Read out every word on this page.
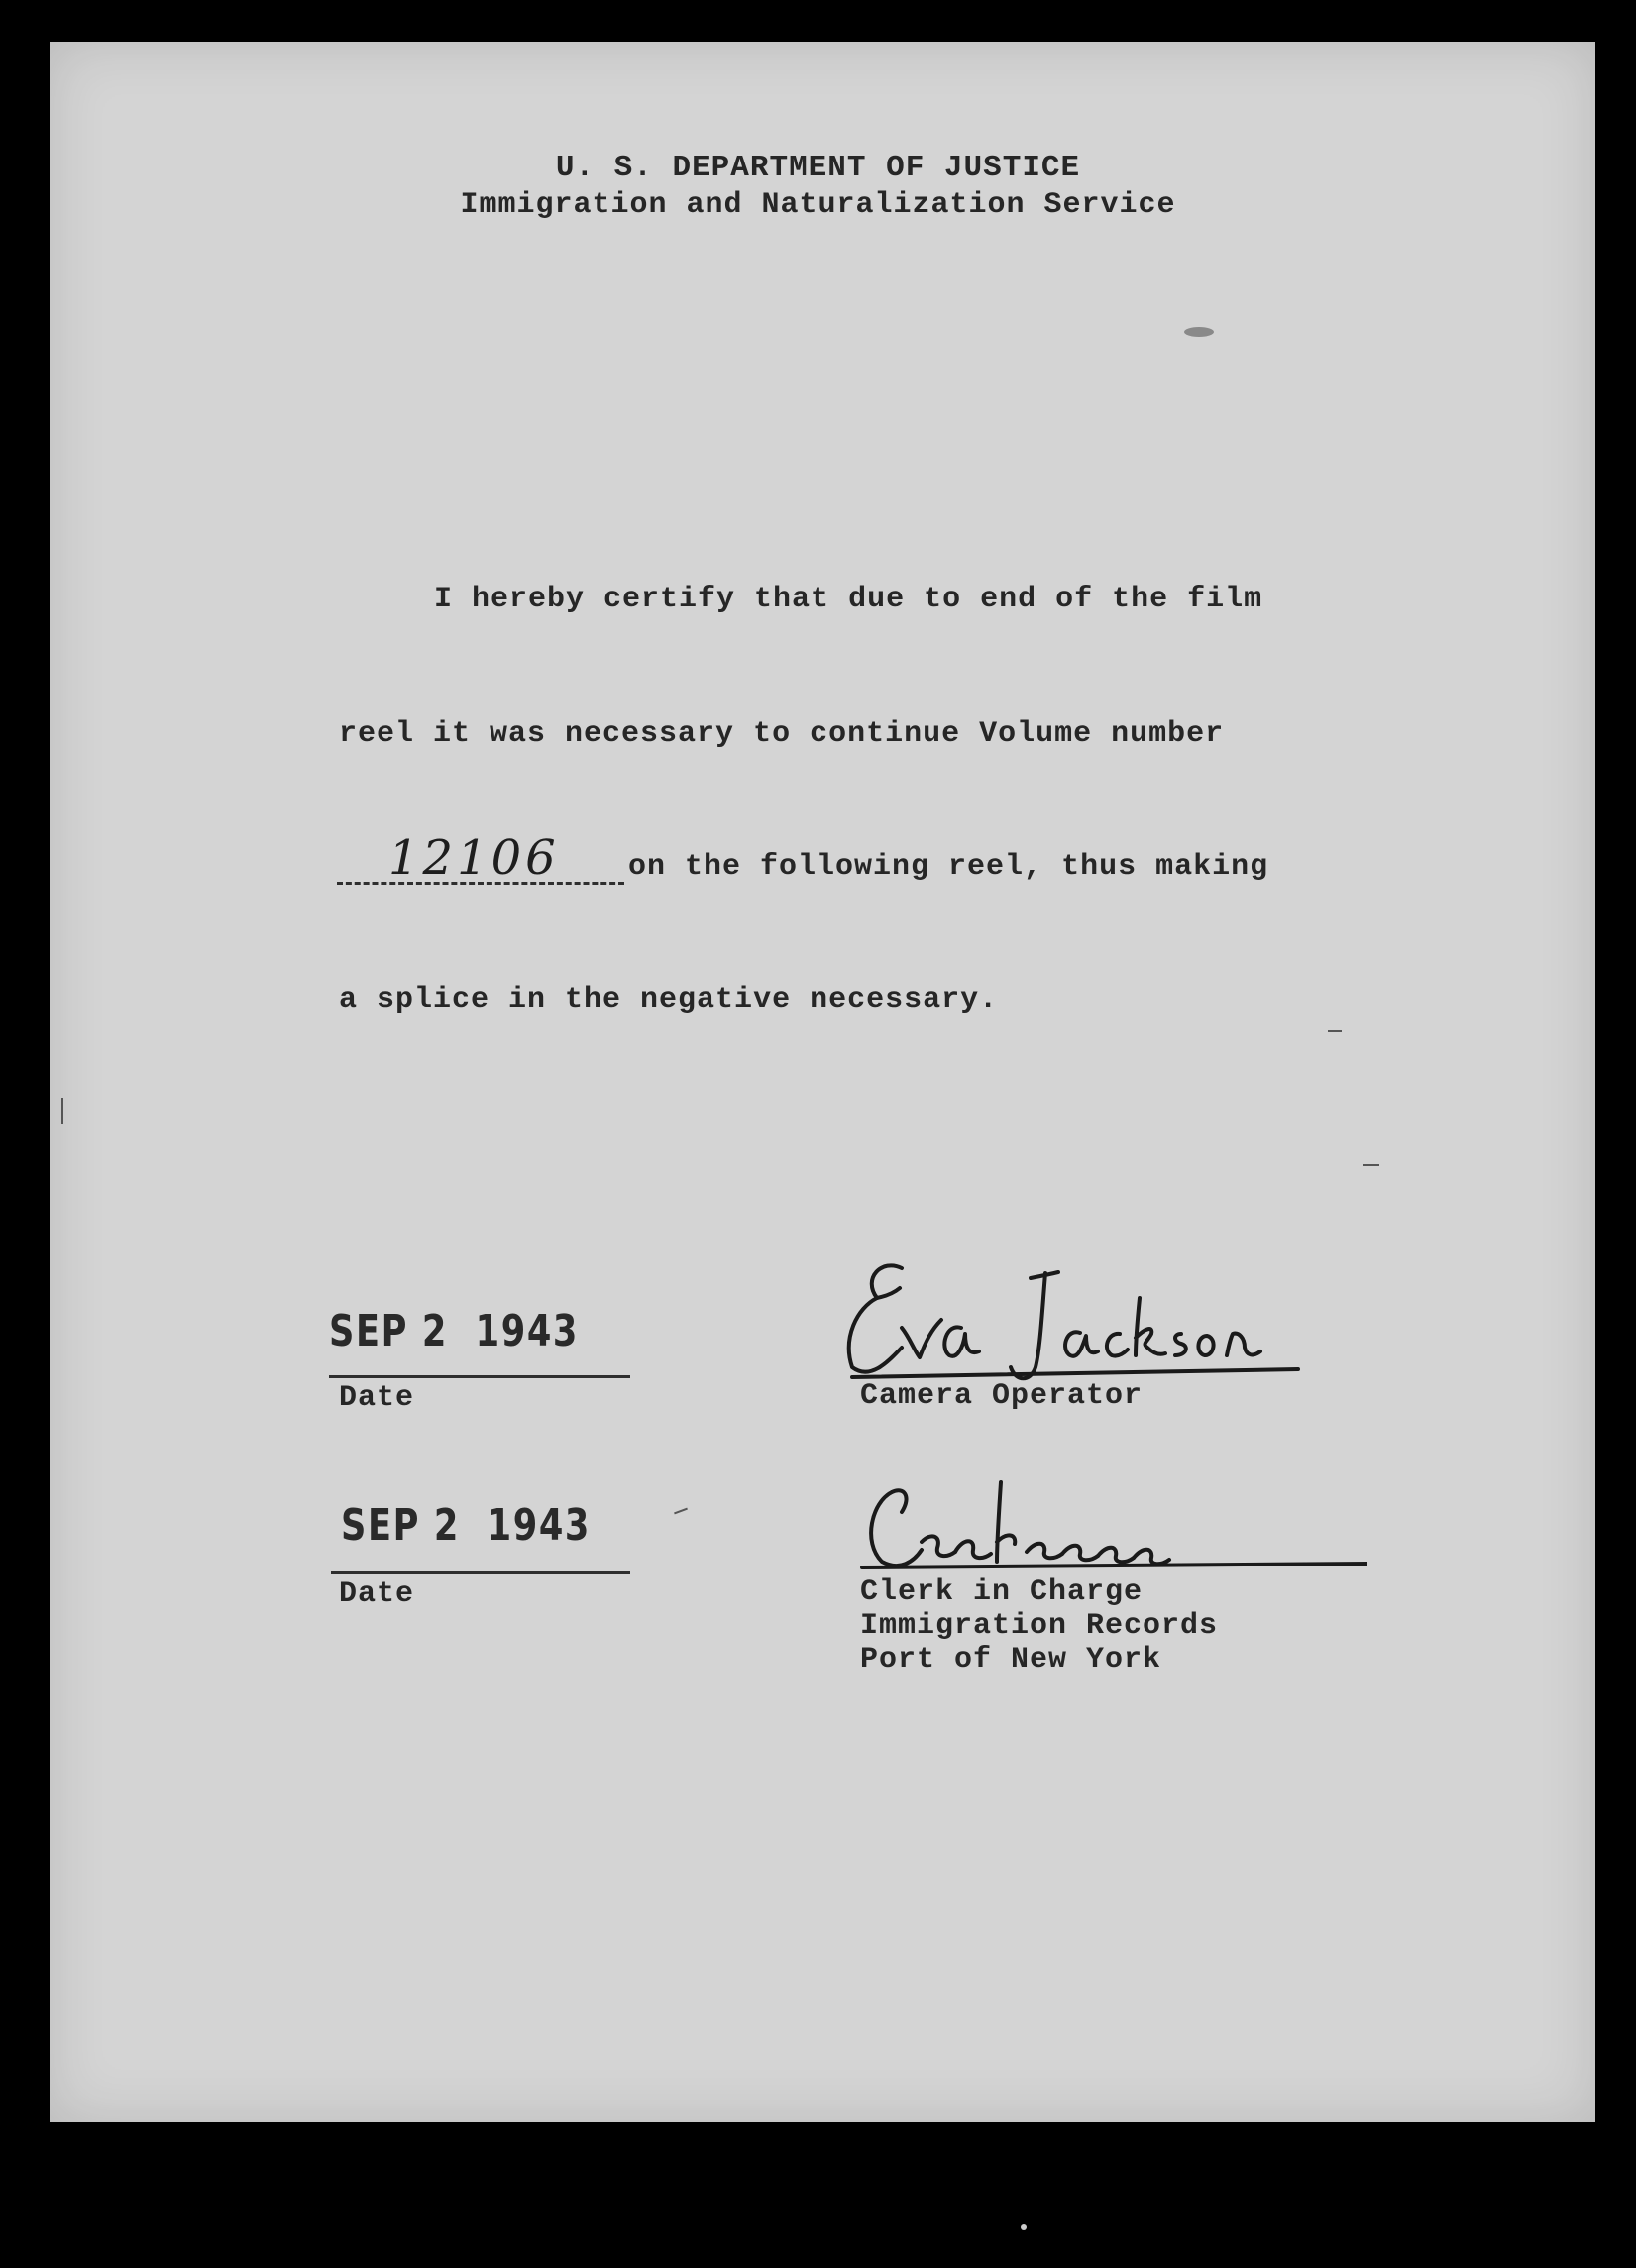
U. S. DEPARTMENT OF JUSTICE
Immigration and Naturalization Service
I hereby certify that due to end of the film
reel it was necessary to continue Volume number
12106 on the following reel, thus making
a splice in the negative necessary.
SEP 2  1943
Date	Camera Operator
SEP 2  1943
Date	Clerk in Charge
Immigration Records
Port of New York
